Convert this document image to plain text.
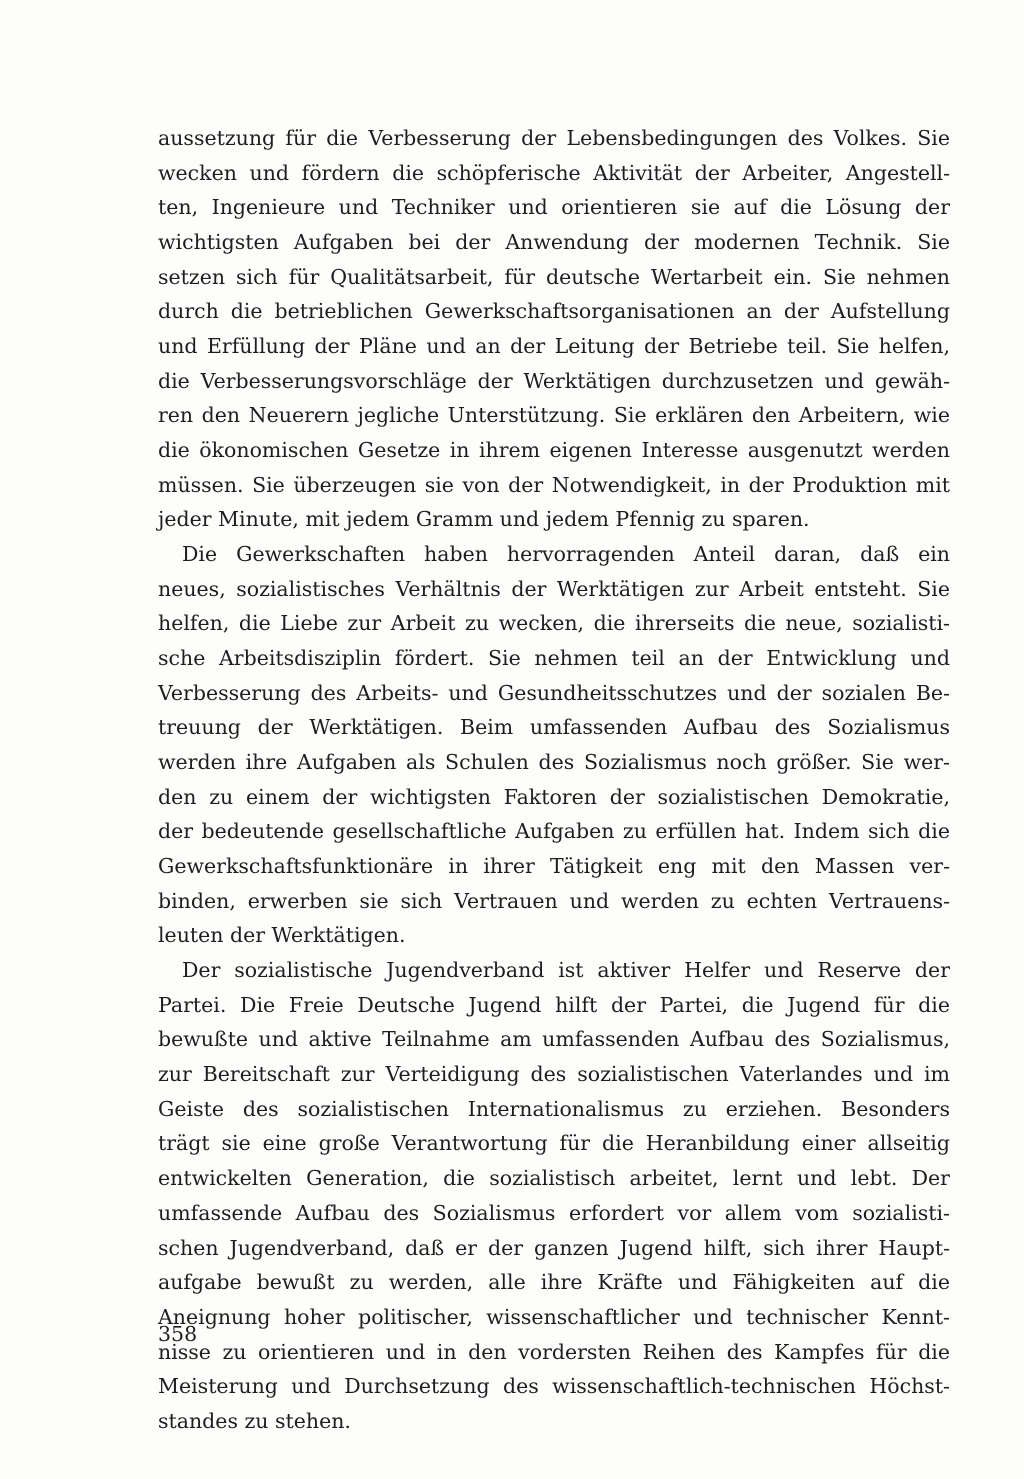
aussetzung für die Verbesserung der Lebensbedingungen des Volkes. Sie
wecken und fördern die schöpferische Aktivität der Arbeiter, Angestell-
ten, Ingenieure und Techniker und orientieren sie auf die Lösung der
wichtigsten Aufgaben bei der Anwendung der modernen Technik. Sie
setzen sich für Qualitätsarbeit, für deutsche Wertarbeit ein. Sie nehmen
durch die betrieblichen Gewerkschaftsorganisationen an der Aufstellung
und Erfüllung der Pläne und an der Leitung der Betriebe teil. Sie helfen,
die Verbesserungsvorschläge der Werktätigen durchzusetzen und gewäh-
ren den Neuerern jegliche Unterstützung. Sie erklären den Arbeitern, wie
die ökonomischen Gesetze in ihrem eigenen Interesse ausgenutzt werden
müssen. Sie überzeugen sie von der Notwendigkeit, in der Produktion mit
jeder Minute, mit jedem Gramm und jedem Pfennig zu sparen.
Die Gewerkschaften haben hervorragenden Anteil daran, daß ein
neues, sozialistisches Verhältnis der Werktätigen zur Arbeit entsteht. Sie
helfen, die Liebe zur Arbeit zu wecken, die ihrerseits die neue, sozialisti-
sche Arbeitsdisziplin fördert. Sie nehmen teil an der Entwicklung und
Verbesserung des Arbeits- und Gesundheitsschutzes und der sozialen Be-
treuung der Werktätigen. Beim umfassenden Aufbau des Sozialismus
werden ihre Aufgaben als Schulen des Sozialismus noch größer. Sie wer-
den zu einem der wichtigsten Faktoren der sozialistischen Demokratie,
der bedeutende gesellschaftliche Aufgaben zu erfüllen hat. Indem sich die
Gewerkschaftsfunktionäre in ihrer Tätigkeit eng mit den Massen ver-
binden, erwerben sie sich Vertrauen und werden zu echten Vertrauens-
leuten der Werktätigen.
Der sozialistische Jugendverband ist aktiver Helfer und Reserve der
Partei. Die Freie Deutsche Jugend hilft der Partei, die Jugend für die
bewußte und aktive Teilnahme am umfassenden Aufbau des Sozialismus,
zur Bereitschaft zur Verteidigung des sozialistischen Vaterlandes und im
Geiste des sozialistischen Internationalismus zu erziehen. Besonders
trägt sie eine große Verantwortung für die Heranbildung einer allseitig
entwickelten Generation, die sozialistisch arbeitet, lernt und lebt. Der
umfassende Aufbau des Sozialismus erfordert vor allem vom sozialisti-
schen Jugendverband, daß er der ganzen Jugend hilft, sich ihrer Haupt-
aufgabe bewußt zu werden, alle ihre Kräfte und Fähigkeiten auf die
Aneignung hoher politischer, wissenschaftlicher und technischer Kennt-
nisse zu orientieren und in den vordersten Reihen des Kampfes für die
Meisterung und Durchsetzung des wissenschaftlich-technischen Höchst-
standes zu stehen.
358
